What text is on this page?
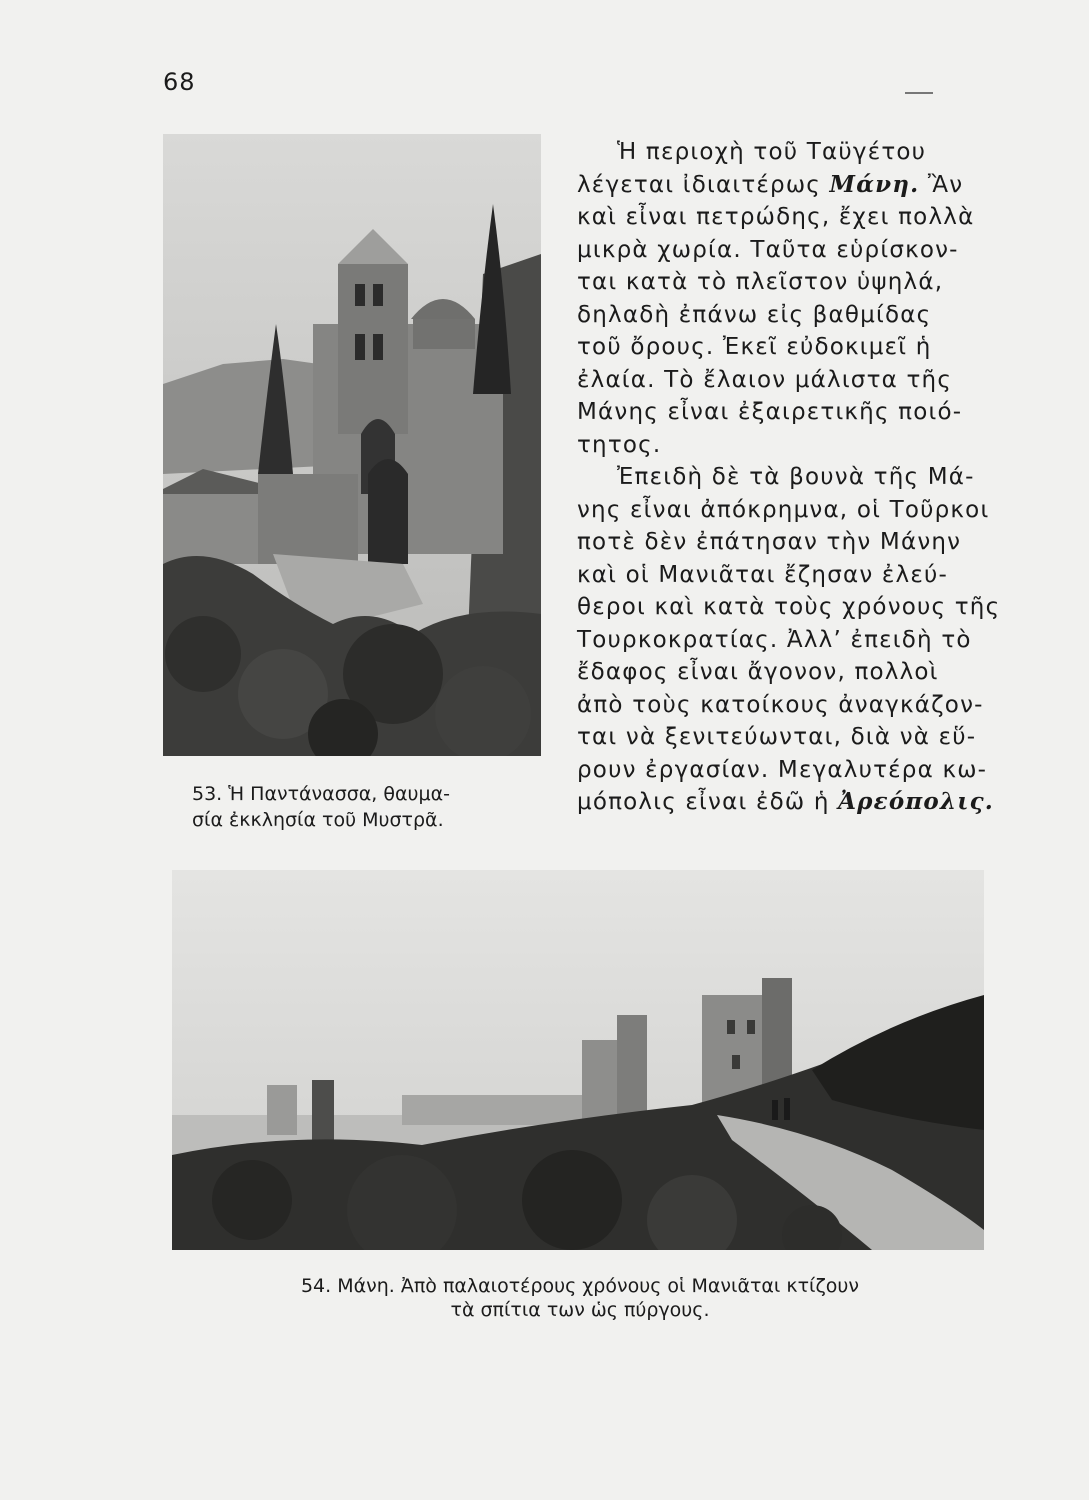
68
53. Ἡ Παντάνασσα, θαυμα-
σία ἐκκλησία τοῦ Μυστρᾶ.
Ἡ περιοχὴ τοῦ Ταϋγέτου
λέγεται ἰδιαιτέρως Μάνη. Ἂν
καὶ εἶναι πετρώδης, ἔχει πολλὰ
μικρὰ χωρία. Ταῦτα εὑρίσκον-
ται κατὰ τὸ πλεῖστον ὑψηλά,
δηλαδὴ ἐπάνω εἰς βαθμίδας
τοῦ ὄρους. Ἐκεῖ εὐδοκιμεῖ ἡ
ἐλαία. Τὸ ἔλαιον μάλιστα τῆς
Μάνης εἶναι ἐξαιρετικῆς ποιό-
τητος.
Ἐπειδὴ δὲ τὰ βουνὰ τῆς Μά-
νης εἶναι ἀπόκρημνα, οἱ Τοῦρκοι
ποτὲ δὲν ἐπάτησαν τὴν Μάνην
καὶ οἱ Μανιᾶται ἔζησαν ἐλεύ-
θεροι καὶ κατὰ τοὺς χρόνους τῆς
Τουρκοκρατίας. Ἀλλ’ ἐπειδὴ τὸ
ἔδαφος εἶναι ἄγονον, πολλοὶ
ἀπὸ τοὺς κατοίκους ἀναγκάζον-
ται νὰ ξενιτεύωνται, διὰ νὰ εὕ-
ρουν ἐργασίαν. Μεγαλυτέρα κω-
μόπολις εἶναι ἐδῶ ἡ Ἀρεόπολις.
54. Μάνη. Ἀπὸ παλαιοτέρους χρόνους οἱ Μανιᾶται κτίζουν
τὰ σπίτια των ὡς πύργους.
